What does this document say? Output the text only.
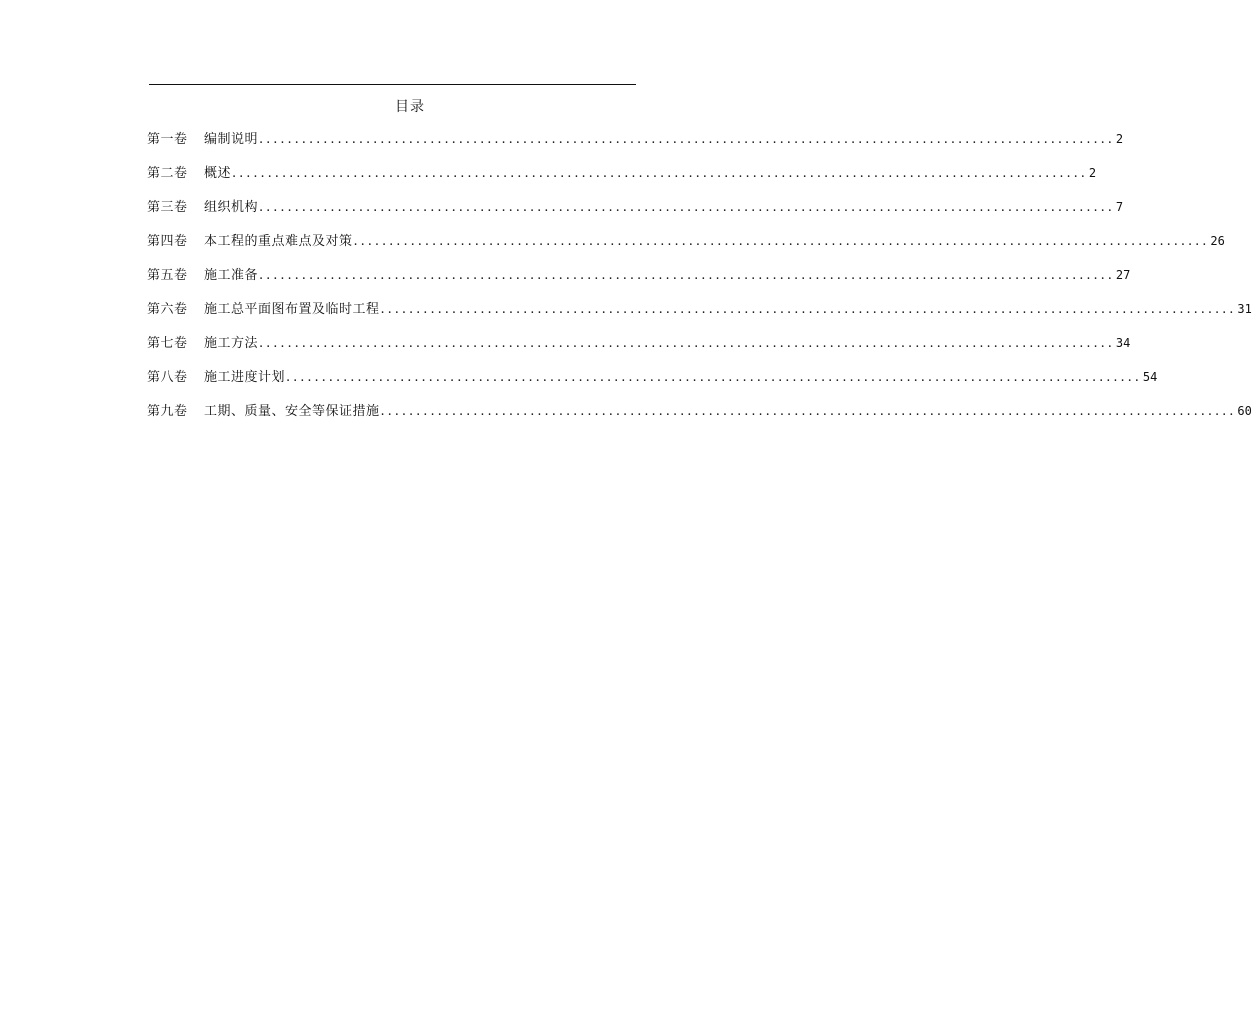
目录
第一卷	编制说明 ........................................................................................................................ 2
第二卷	概述 ........................................................................................................................ 2
第三卷	组织机构 ........................................................................................................................ 7
第四卷	本工程的重点难点及对策 ........................................................................................................................ 26
第五卷	施工准备 ........................................................................................................................ 27
第六卷	施工总平面图布置及临时工程 ........................................................................................................................ 31
第七卷	施工方法 ........................................................................................................................ 34
第八卷	施工进度计划 ........................................................................................................................ 54
第九卷	工期、质量、安全等保证措施 ........................................................................................................................ 60
